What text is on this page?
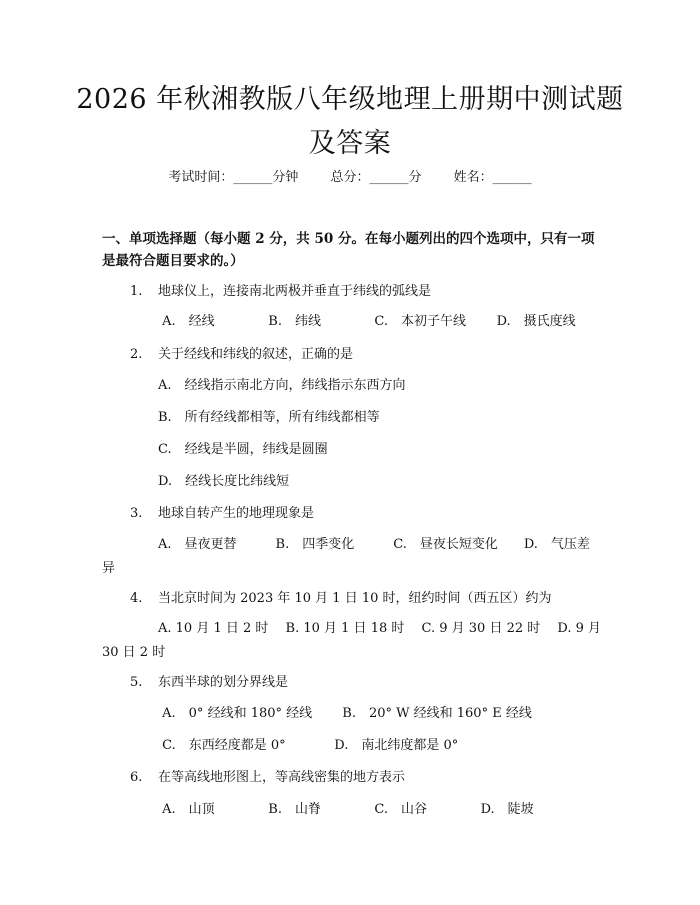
2026 年秋湘教版八年级地理上册期中测试题
及答案
考试时间：______分钟 总分：______分 姓名：______
一、单项选择题（每小题 2 分，共 50 分。在每小题列出的四个选项中，只有一项是最符合题目要求的。）
1. 地球仪上，连接南北两极并垂直于纬线的弧线是
A.　经线	B.　纬线	C.　本初子午线 D.　摄氏度线
2. 关于经线和纬线的叙述，正确的是
A.　经线指示南北方向，纬线指示东西方向
B.　所有经线都相等，所有纬线都相等
C.　经线是半圆，纬线是圆圈
D.　经线长度比纬线短
3. 地球自转产生的地理现象是
A.　昼夜更替　　　B.　四季变化　　　C.　昼夜长短变化　　D.　气压差异
4. 当北京时间为 2023 年 10 月 1 日 10 时，纽约时间（西五区）约为
A. 10 月 1 日 2 时　 B. 10 月 1 日 18 时　 C. 9 月 30 日 22 时　 D. 9 月 30 日 2 时
5. 东西半球的划分界线是
A.　0° 经线和 180° 经线 B.　20° W 经线和 160° E 经线
C.　东西经度都是 0°	D.　南北纬度都是 0°
6. 在等高线地形图上，等高线密集的地方表示
A.　山顶	B.　山脊	C.　山谷	D.　陡坡
